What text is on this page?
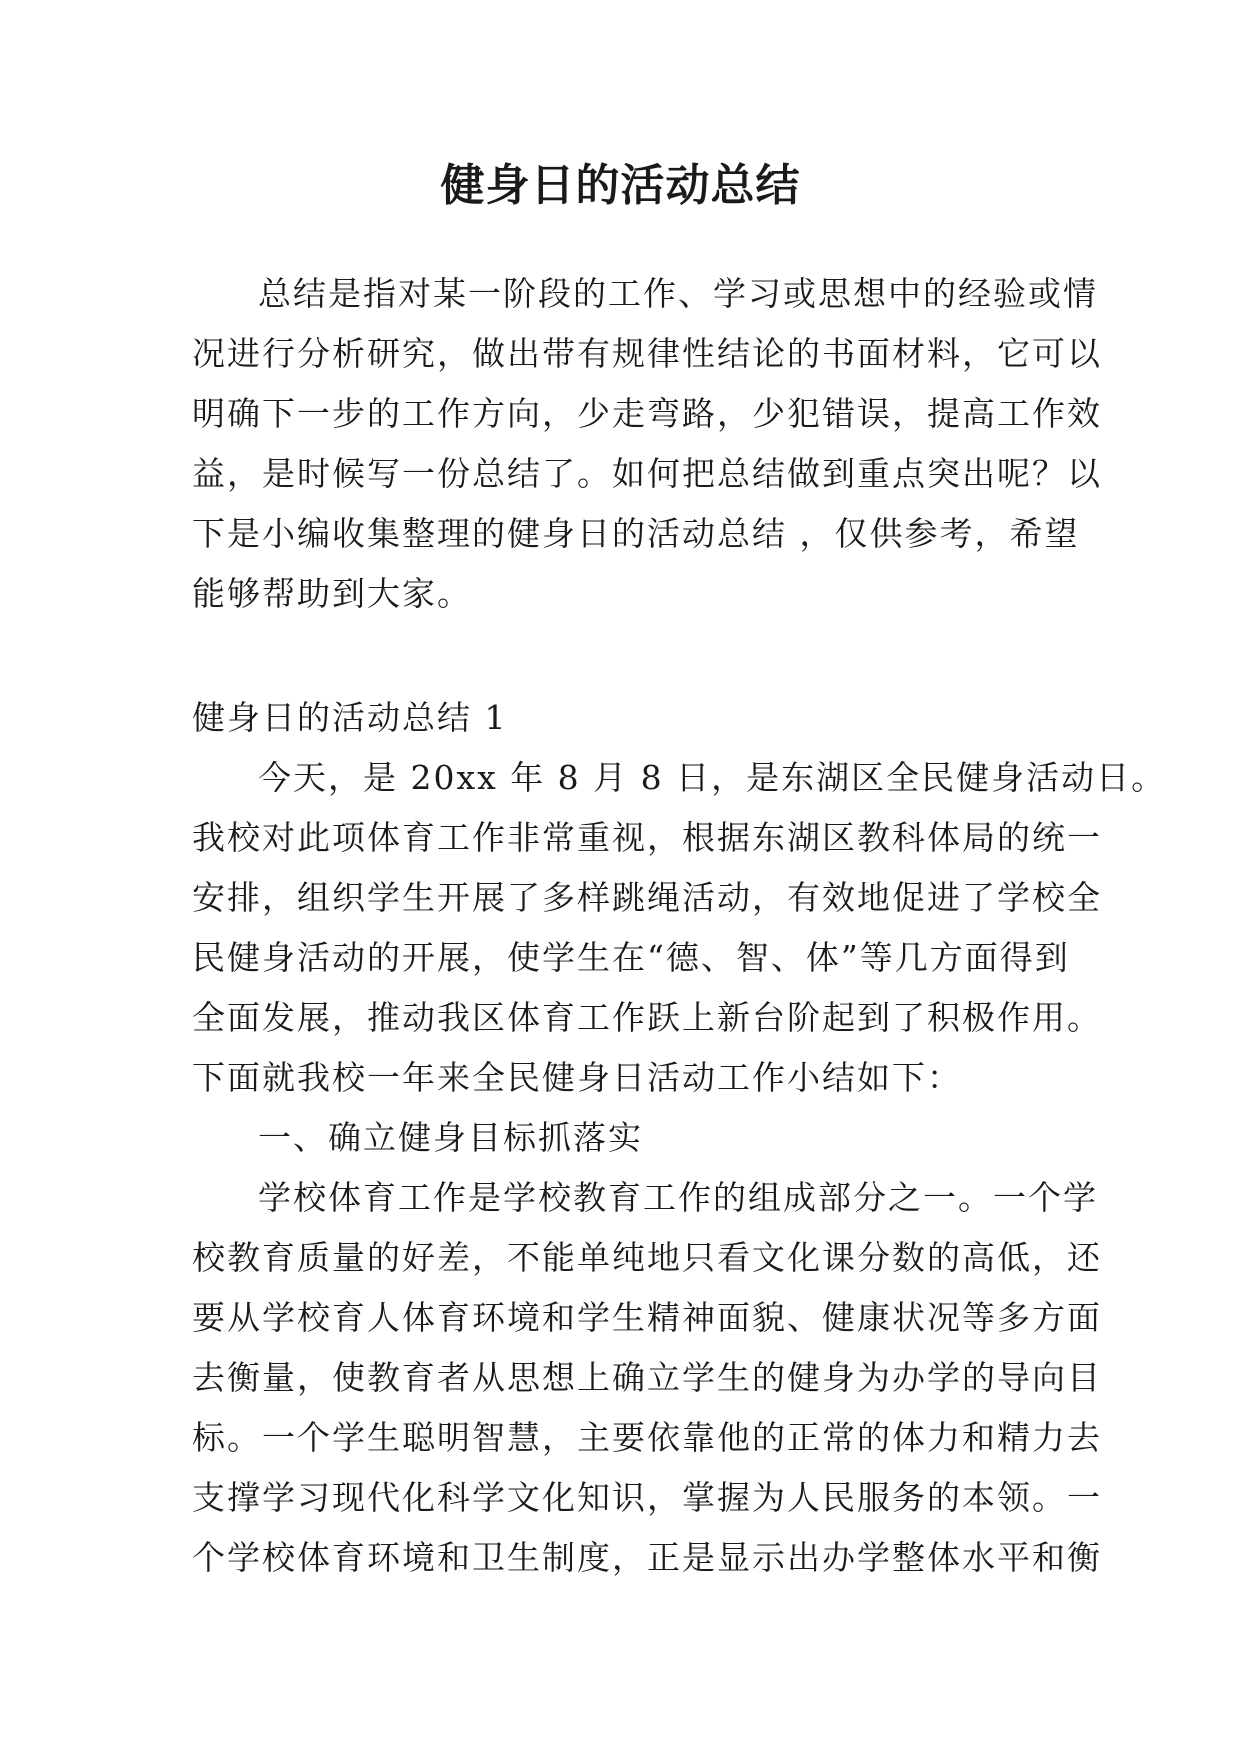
健身日的活动总结
总结是指对某一阶段的工作、学习或思想中的经验或情
况进行分析研究，做出带有规律性结论的书面材料，它可以
明确下一步的工作方向，少走弯路，少犯错误，提高工作效
益，是时候写一份总结了。如何把总结做到重点突出呢？以
下是小编收集整理的健身日的活动总结 ，仅供参考，希望
能够帮助到大家。
健身日的活动总结 1
今天，是 20xx 年 8 月 8 日，是东湖区全民健身活动日。
我校对此项体育工作非常重视，根据东湖区教科体局的统一
安排，组织学生开展了多样跳绳活动，有效地促进了学校全
民健身活动的开展，使学生在“德、智、体”等几方面得到
全面发展，推动我区体育工作跃上新台阶起到了积极作用。
下面就我校一年来全民健身日活动工作小结如下：
一、确立健身目标抓落实
学校体育工作是学校教育工作的组成部分之一。一个学
校教育质量的好差，不能单纯地只看文化课分数的高低，还
要从学校育人体育环境和学生精神面貌、健康状况等多方面
去衡量，使教育者从思想上确立学生的健身为办学的导向目
标。一个学生聪明智慧，主要依靠他的正常的体力和精力去
支撑学习现代化科学文化知识，掌握为人民服务的本领。一
个学校体育环境和卫生制度，正是显示出办学整体水平和衡
